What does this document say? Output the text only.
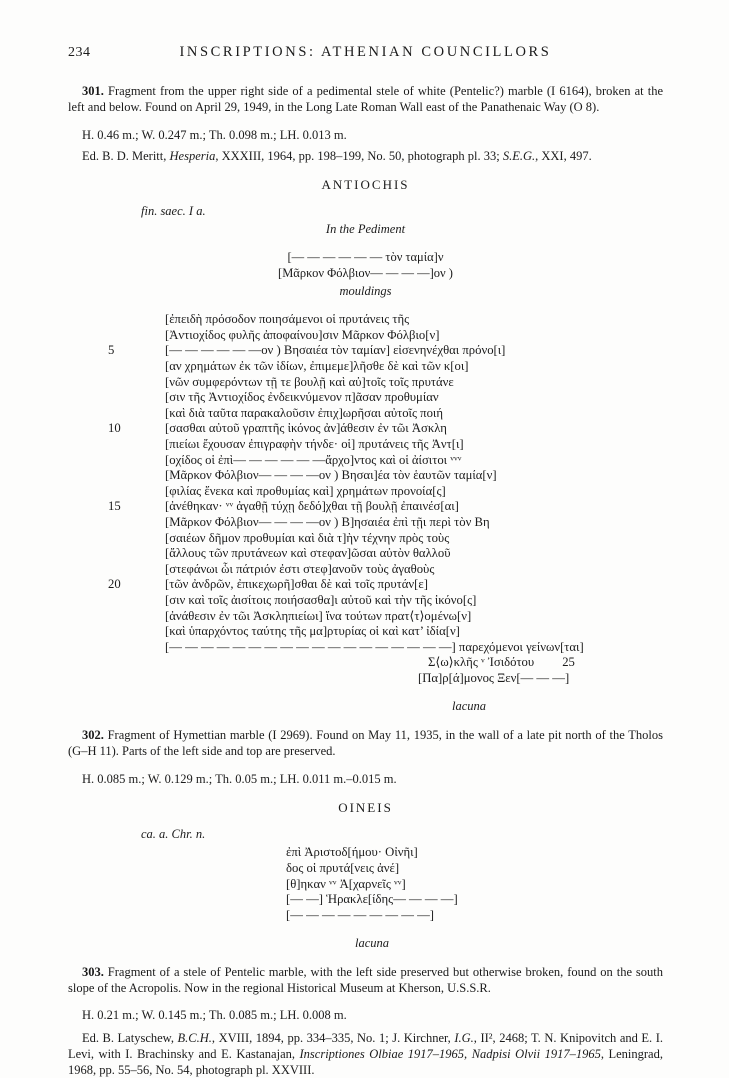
234	INSCRIPTIONS: ATHENIAN COUNCILLORS

301. Fragment from the upper right side of a pedimental stele of white (Pentelic?) marble (I 6164), broken at the left and below. Found on April 29, 1949, in the Long Late Roman Wall east of the Panathenaic Way (O 8).

H. 0.46 m.; W. 0.247 m.; Th. 0.098 m.; LH. 0.013 m.

Ed. B. D. Meritt, Hesperia, XXXIII, 1964, pp. 198–199, No. 50, photograph pl. 33; S.E.G., XXI, 497.

ANTIOCHIS

fin. saec. I a.

In the Pediment

[— — — — — — τὸν ταμία]ν
[Μᾶρκον Φόλβιον— — — —]ον )

mouldings

[ἐπειδὴ πρόσοδον ποιησάμενοι οἱ πρυτάνεις τῆς
[Ἀντιοχίδος φυλῆς ἀποφαίνου]σιν Μᾶρκον Φόλβιο[ν]
5	[— — — — — —ον ) Βησαιέα τὸν ταμίαν] εἰσενηνέχθαι πρόνο[ι]
[αν χρημάτων ἐκ τῶν ἰδίων, ἐπιμεμε]λῆσθε δὲ καὶ τῶν κ[οι]
[νῶν συμφερόντων τῇ τε βουλῇ καὶ αὐ]τοῖς τοῖς πρυτάνε
[σιν τῆς Ἀντιοχίδος ἐνδεικνύμενον π]ᾶσαν προθυμίαν
[καὶ διὰ ταῦτα παρακαλοῦσιν ἐπιχ]ωρῆσαι αὐτοῖς ποιή
10	[σασθαι αὐτοῦ γραπτῆς ἰκόνος ἀν]άθεσιν ἐν τῶι Ἀσκλη
[πιείωι ἔχουσαν ἐπιγραφὴν τήνδε· οἱ] πρυτάνεις τῆς Ἀντ[ι]
[οχίδος οἱ ἐπὶ— — — — — —ἄρχο]ντος καὶ οἱ ἀίσιτοι ᵛᵛᵛ
[Μᾶρκον Φόλβιον— — — —ον ) Βησαι]έα τὸν ἑαυτῶν ταμία[ν]
[φιλίας ἕνεκα καὶ προθυμίας καὶ] χρημάτων προνοία[ς]
15	[ἀνέθηκαν· ᵛᵛ ἀγαθῇ τύχῃ δεδό]χθαι τῇ βουλῇ ἐπαινέσ[αι]
[Μᾶρκον Φόλβιον— — — —ον ) Β]ησαιέα ἐπὶ τῇι περὶ τὸν Βη
[σαιέων δῆμον προθυμίαι καὶ διὰ τ]ὴν τέχνην πρὸς τοὺς
[ἄλλους τῶν πρυτάνεων καὶ στεφαν]ῶσαι αὐτὸν θαλλοῦ
[στεφάνωι ὧι πάτριόν ἐστι στεφ]ανοῦν τοὺς ἀγαθοὺς
20	[τῶν ἀνδρῶν, ἐπικεχωρῆ]σθαι δὲ καὶ τοῖς πρυτάν[ε]
[σιν καὶ τοῖς ἀισίτοις ποιήσασθα]ι αὐτοῦ καὶ τὴν τῆς ἰκόνο[ς]
[ἀνάθεσιν ἐν τῶι Ἀσκληπιείωι] ἵνα τούτων πρατ⟨τ⟩ομένω[ν]
[καὶ ὑπαρχόντος ταύτης τῆς μα]ρτυρίας οἱ καὶ κατ’ ἰδία[ν]
[— — — — — — — — — — — — — — — — — —] παρεχόμενοι γείνων[ται]
Σ⟨ω⟩κλῆς ᵛ Ἰσιδότου 25
[Πα]ρ[ά]μονος Ξεν[— — —]

lacuna

302. Fragment of Hymettian marble (I 2969). Found on May 11, 1935, in the wall of a late pit north of the Tholos (G–H 11). Parts of the left side and top are preserved.

H. 0.085 m.; W. 0.129 m.; Th. 0.05 m.; LH. 0.011 m.–0.015 m.

OINEIS

ca. a. Chr. n.

ἐπὶ Ἀριστοδ[ήμου· Οἰνῆι]
δος οἱ πρυτά[νεις ἀνέ]
[θ]ηκαν ᵛᵛ Ἀ[χαρνεῖς ᵛᵛ]
[— —] Ἡρακλε[ίδης— — — —]
[— — — — — — — — —]

lacuna

303. Fragment of a stele of Pentelic marble, with the left side preserved but otherwise broken, found on the south slope of the Acropolis. Now in the regional Historical Museum at Kherson, U.S.S.R.

H. 0.21 m.; W. 0.145 m.; Th. 0.085 m.; LH. 0.008 m.

Ed. B. Latyschew, B.C.H., XVIII, 1894, pp. 334–335, No. 1; J. Kirchner, I.G., II², 2468; T. N. Knipovitch and E. I. Levi, with I. Brachinsky and E. Kastanajan, Inscriptiones Olbiae 1917–1965, Nadpisi Olvii 1917–1965, Leningrad, 1968, pp. 55–56, No. 54, photograph pl. XXVIII.
